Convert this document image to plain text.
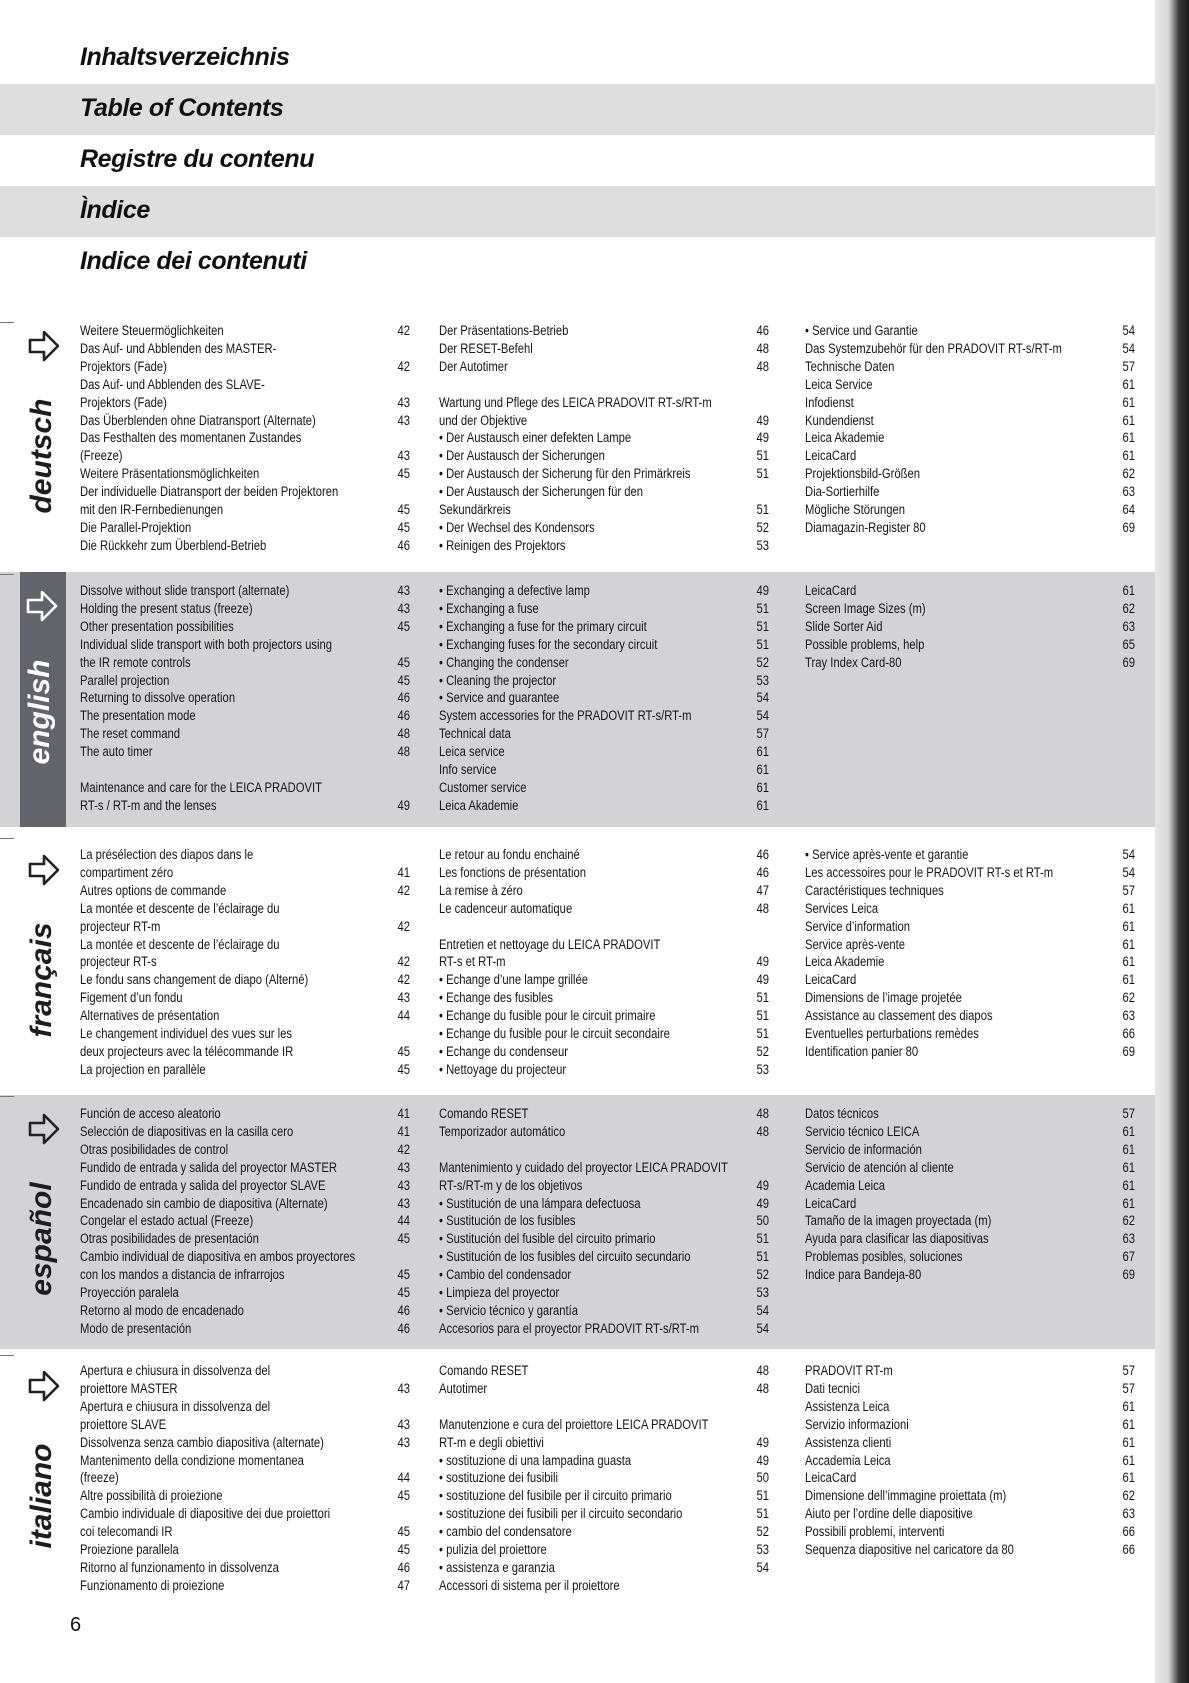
Inhaltsverzeichnis
Table of Contents
Registre du contenu
Ìndice
Indice dei contenuti
deutsch
Weitere Steuermöglichkeiten	42
Das Auf- und Abblenden des MASTER-
Projektors (Fade)	42
Das Auf- und Abblenden des SLAVE-
Projektors (Fade)	43
Das Überblenden ohne Diatransport (Alternate)	43
Das Festhalten des momentanen Zustandes
(Freeze)	43
Weitere Präsentationsmöglichkeiten	45
Der individuelle Diatransport der beiden Projektoren
mit den IR-Fernbedienungen	45
Die Parallel-Projektion	45
Die Rückkehr zum Überblend-Betrieb	46
Der Präsentations-Betrieb	46
Der RESET-Befehl	48
Der Autotimer	48
Wartung und Pflege des LEICA PRADOVIT RT-s/RT-m
und der Objektive	49
• Der Austausch einer defekten Lampe	49
• Der Austausch der Sicherungen	51
• Der Austausch der Sicherung für den Primärkreis	51
• Der Austausch der Sicherungen für den
Sekundärkreis	51
• Der Wechsel des Kondensors	52
• Reinigen des Projektors	53
• Service und Garantie	54
Das Systemzubehör für den PRADOVIT RT-s/RT-m	54
Technische Daten	57
Leica Service	61
Infodienst	61
Kundendienst	61
Leica Akademie	61
LeicaCard	61
Projektionsbild-Größen	62
Dia-Sortierhilfe	63
Mögliche Störungen	64
Diamagazin-Register 80	69
english
Dissolve without slide transport (alternate)	43
Holding the present status (freeze)	43
Other presentation possibilities	45
Individual slide transport with both projectors using
the IR remote controls	45
Parallel projection	45
Returning to dissolve operation	46
The presentation mode	46
The reset command	48
The auto timer	48
Maintenance and care for the LEICA PRADOVIT
RT-s / RT-m and the lenses	49
• Exchanging a defective lamp	49
• Exchanging a fuse	51
• Exchanging a fuse for the primary circuit	51
• Exchanging fuses for the secondary circuit	51
• Changing the condenser	52
• Cleaning the projector	53
• Service and guarantee	54
System accessories for the PRADOVIT RT-s/RT-m	54
Technical data	57
Leica service	61
Info service	61
Customer service	61
Leica Akademie	61
LeicaCard	61
Screen Image Sizes (m)	62
Slide Sorter Aid	63
Possible problems, help	65
Tray Index Card-80	69
français
La présélection des diapos dans le
compartiment zéro	41
Autres options de commande	42
La montée et descente de l’éclairage du
projecteur RT-m	42
La montée et descente de l’éclairage du
projecteur RT-s	42
Le fondu sans changement de diapo (Alterné)	42
Figement d’un fondu	43
Alternatives de présentation	44
Le changement individuel des vues sur les
deux projecteurs avec la télécommande IR	45
La projection en parallèle	45
Le retour au fondu enchainé	46
Les fonctions de présentation	46
La remise à zéro	47
Le cadenceur automatique	48
Entretien et nettoyage du LEICA PRADOVIT
RT-s et RT-m	49
• Echange d’une lampe grillée	49
• Echange des fusibles	51
• Echange du fusible pour le circuit primaire	51
• Echange du fusible pour le circuit secondaire	51
• Echange du condenseur	52
• Nettoyage du projecteur	53
• Service après-vente et garantie	54
Les accessoires pour le PRADOVIT RT-s et RT-m	54
Caractéristiques techniques	57
Services Leica	61
Service d’information	61
Service après-vente	61
Leica Akademie	61
LeicaCard	61
Dimensions de l’image projetée	62
Assistance au classement des diapos	63
Eventuelles perturbations remèdes	66
Identification panier 80	69
español
Función de acceso aleatorio	41
Selección de diapositivas en la casilla cero	41
Otras posibilidades de control	42
Fundido de entrada y salida del proyector MASTER	43
Fundido de entrada y salida del proyector SLAVE	43
Encadenado sin cambio de diapositiva (Alternate)	43
Congelar el estado actual (Freeze)	44
Otras posibilidades de presentación	45
Cambio individual de diapositiva en ambos proyectores
con los mandos a distancia de infrarrojos	45
Proyección paralela	45
Retorno al modo de encadenado	46
Modo de presentación	46
Comando RESET	48
Temporizador automático	48
Mantenimiento y cuidado del proyector LEICA PRADOVIT
RT-s/RT-m y de los objetivos	49
• Sustitución de una lámpara defectuosa	49
• Sustitución de los fusibles	50
• Sustitución del fusible del circuito primario	51
• Sustitución de los fusibles del circuito secundario	51
• Cambio del condensador	52
• Limpieza del proyector	53
• Servicio técnico y garantía	54
Accesorios para el proyector PRADOVIT RT-s/RT-m	54
Datos técnicos	57
Servicio técnico LEICA	61
Servicio de información	61
Servicio de atención al cliente	61
Academia Leica	61
LeicaCard	61
Tamaño de la imagen proyectada (m)	62
Ayuda para clasificar las diapositivas	63
Problemas posibles, soluciones	67
Indice para Bandeja-80	69
italiano
Apertura e chiusura in dissolvenza del
proiettore MASTER	43
Apertura e chiusura in dissolvenza del
proiettore SLAVE	43
Dissolvenza senza cambio diapositiva (alternate)	43
Mantenimento della condizione momentanea
(freeze)	44
Altre possibilità di proiezione	45
Cambio individuale di diapositive dei due proiettori
coi telecomandi IR	45
Proiezione parallela	45
Ritorno al funzionamento in dissolvenza	46
Funzionamento di proiezione	47
Comando RESET	48
Autotimer	48
Manutenzione e cura del proiettore LEICA PRADOVIT
RT-m e degli obiettivi	49
• sostituzione di una lampadina guasta	49
• sostituzione dei fusibili	50
• sostituzione del fusibile per il circuito primario	51
• sostituzione dei fusibili per il circuito secondario	51
• cambio del condensatore	52
• pulizia del proiettore	53
• assistenza e garanzia	54
Accessori di sistema per il proiettore
PRADOVIT RT-m	57
Dati tecnici	57
Assistenza Leica	61
Servizio informazioni	61
Assistenza clienti	61
Accademia Leica	61
LeicaCard	61
Dimensione dell’immagine proiettata (m)	62
Aiuto per l’ordine delle diapositive	63
Possibili problemi, interventi	66
Sequenza diapositive nel caricatore da 80	66
6
